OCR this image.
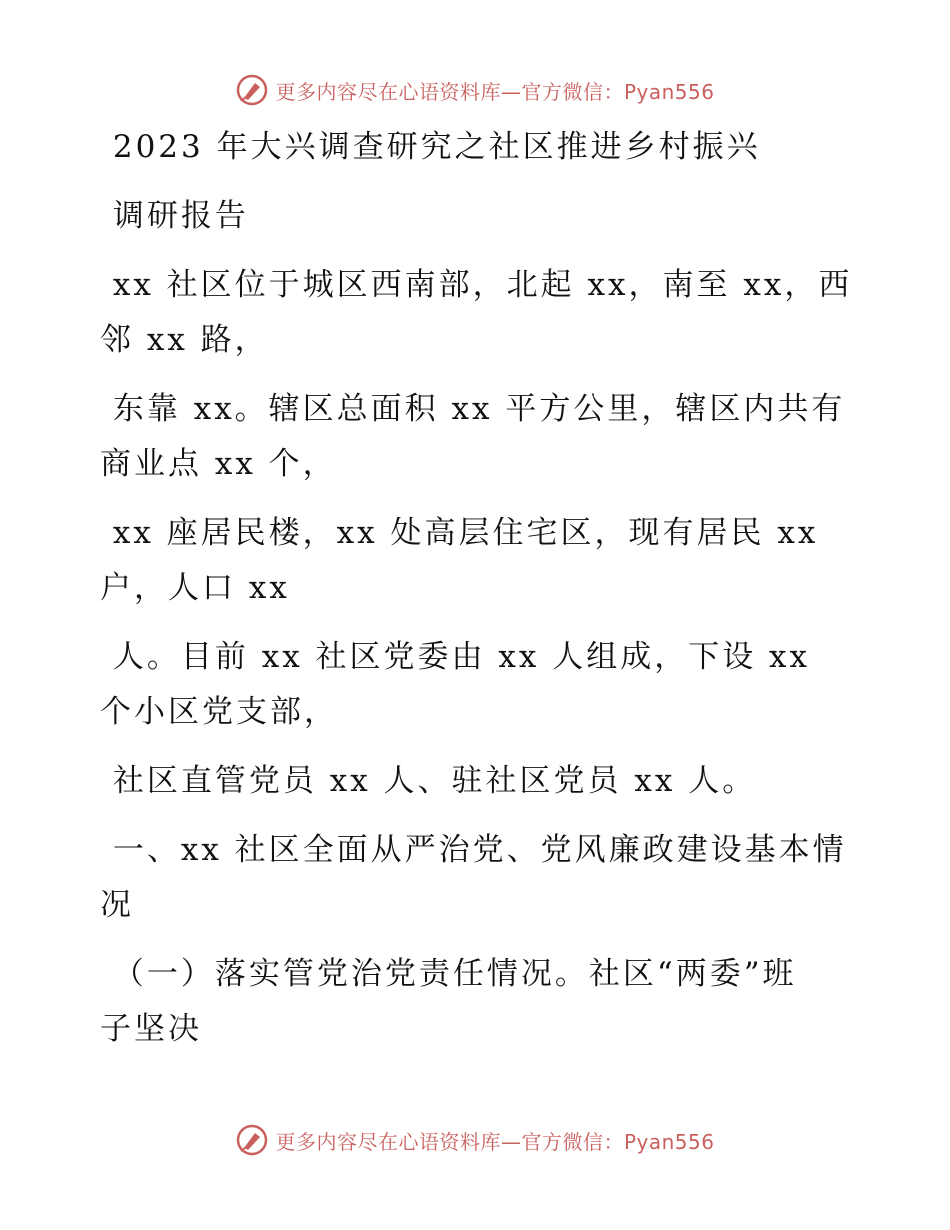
更多内容尽在心语资料库—官方微信：Pyan556
2023 年大兴调查研究之社区推进乡村振兴
调研报告
xx 社区位于城区西南部，北起 xx，南至 xx，西
邻 xx 路，
东靠 xx。辖区总面积 xx 平方公里，辖区内共有
商业点 xx 个，
xx 座居民楼，xx 处高层住宅区，现有居民 xx
户，人口 xx
人。目前 xx 社区党委由 xx 人组成，下设 xx
个小区党支部，
社区直管党员 xx 人、驻社区党员 xx 人。
一、xx 社区全面从严治党、党风廉政建设基本情
况
（一）落实管党治党责任情况。社区“两委”班
子坚决
更多内容尽在心语资料库—官方微信：Pyan556
